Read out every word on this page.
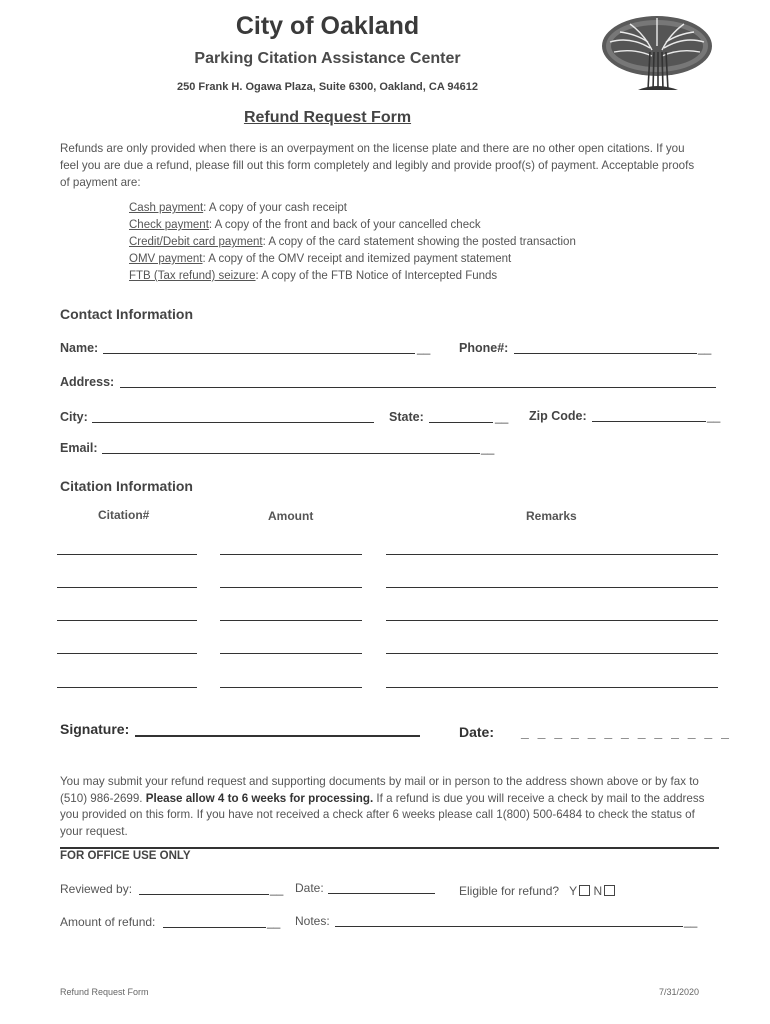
City of Oakland
Parking Citation Assistance Center
250 Frank H. Ogawa Plaza, Suite 6300, Oakland, CA 94612
Refund Request Form
Refunds are only provided when there is an overpayment on the license plate and there are no other open citations. If you feel you are due a refund, please fill out this form completely and legibly and provide proof(s) of payment. Acceptable proofs of payment are:
Cash payment: A copy of your cash receipt
Check payment: A copy of the front and back of your cancelled check
Credit/Debit card payment: A copy of the card statement showing the posted transaction
OMV payment: A copy of the OMV receipt and itemized payment statement
FTB (Tax refund) seizure: A copy of the FTB Notice of Intercepted Funds
Contact Information
Name:	__ Phone#:	__
Address:
City:	State:	__ Zip Code:	__
Email:	__
Citation Information
Citation#	Amount	Remarks
Signature:	Date: _ _ _ _ _ _ _ _ _ _ _ _ _
You may submit your refund request and supporting documents by mail or in person to the address shown above or by fax to (510) 986-2699. Please allow 4 to 6 weeks for processing. If a refund is due you will receive a check by mail to the address you provided on this form. If you have not received a check after 6 weeks please call 1(800) 500-6484 to check the status of your request.
FOR OFFICE USE ONLY
Reviewed by:	__ Date:	Eligible for refund? Y N
Amount of refund:	__ Notes:	__
Refund Request Form	7/31/2020
